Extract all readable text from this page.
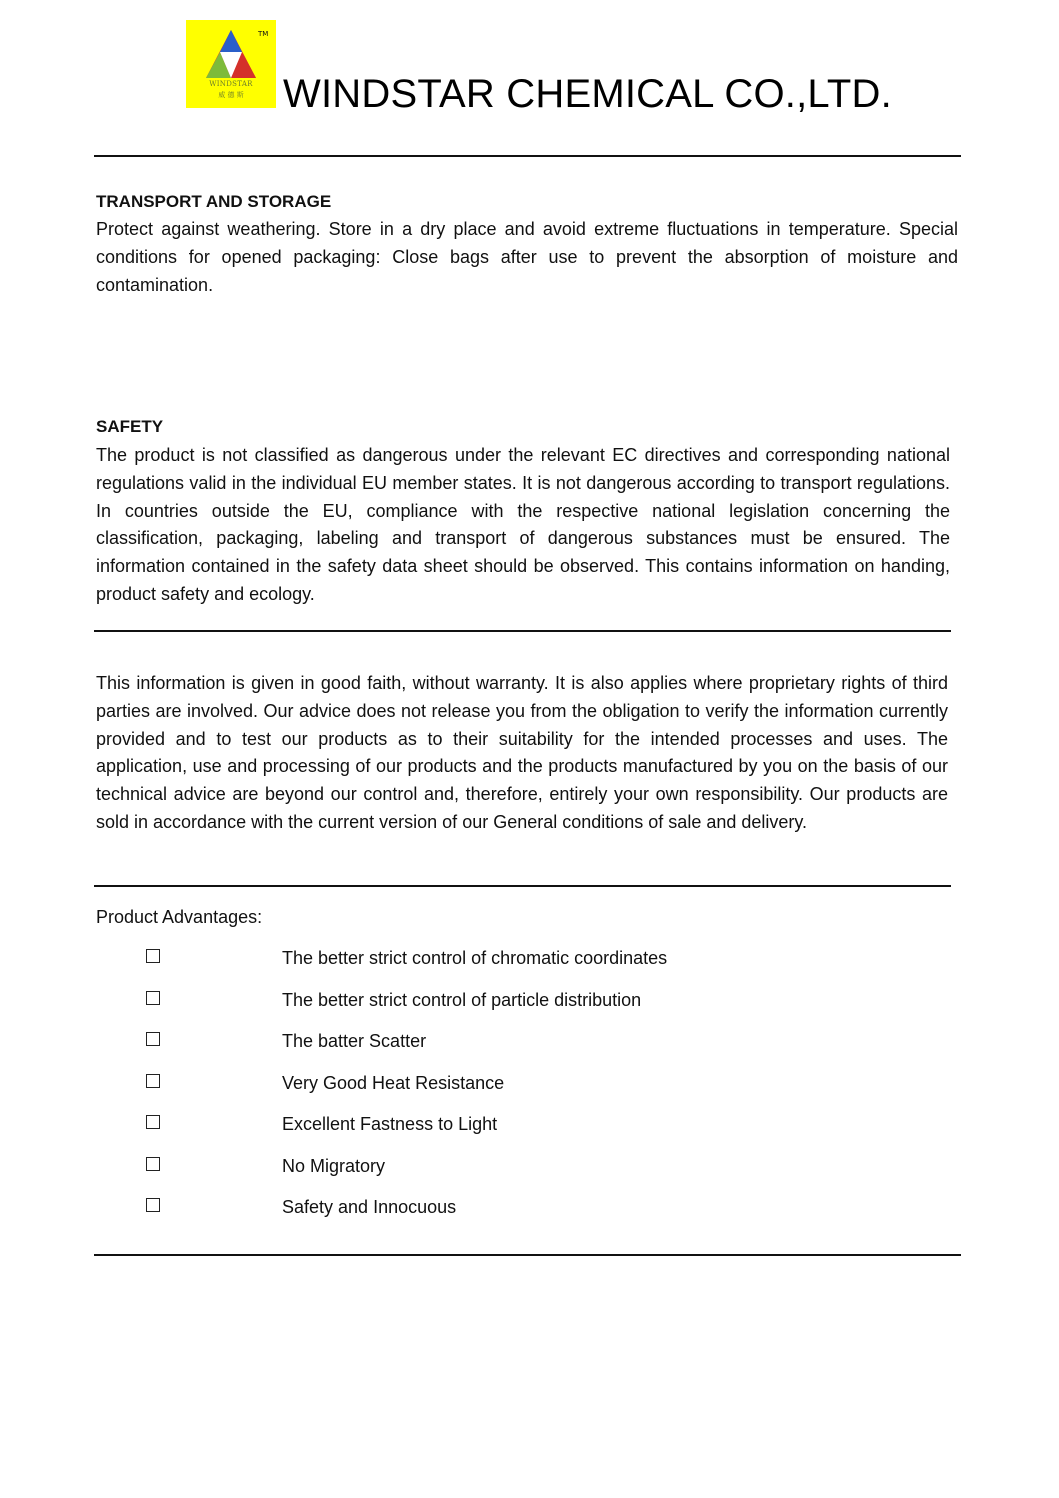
TM
WINDSTAR
威 德 斯 WINDSTAR CHEMICAL CO.,LTD.
TRANSPORT AND STORAGE

Protect against weathering. Store in a dry place and avoid extreme fluctuations in temperature. Special conditions for opened packaging: Close bags after use to prevent the absorption of moisture and contamination.

SAFETY

The product is not classified as dangerous under the relevant EC directives and corresponding national regulations valid in the individual EU member states. It is not dangerous according to transport regulations. In countries outside the EU, compliance with the respective national legislation concerning the classification, packaging, labeling and transport of dangerous substances must be ensured. The information contained in the safety data sheet should be observed. This contains information on handing, product safety and ecology.

This information is given in good faith, without warranty. It is also applies where proprietary rights of third parties are involved. Our advice does not release you from the obligation to verify the information currently provided and to test our products as to their suitability for the intended processes and uses. The application, use and processing of our products and the products manufactured by you on the basis of our technical advice are beyond our control and, therefore, entirely your own responsibility. Our products are sold in accordance with the current version of our General conditions of sale and delivery.

Product Advantages:
The better strict control of chromatic coordinates
The better strict control of particle distribution
The batter Scatter
Very Good Heat Resistance
Excellent Fastness to Light
No Migratory
Safety and Innocuous
